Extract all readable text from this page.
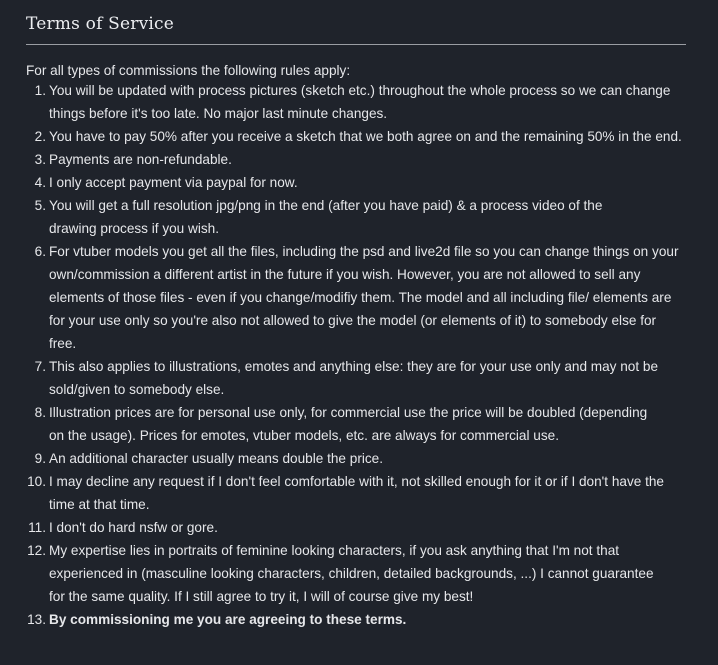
Terms of Service

For all types of commissions the following rules apply:

1. You will be updated with process pictures (sketch etc.) throughout the whole process so we can change things before it's too late. No major last minute changes.
2. You have to pay 50% after you receive a sketch that we both agree on and the remaining 50% in the end.
3. Payments are non-refundable.
4. I only accept payment via paypal for now.
5. You will get a full resolution jpg/png in the end (after you have paid) & a process video of the drawing process if you wish.
6. For vtuber models you get all the files, including the psd and live2d file so you can change things on your own/commission a different artist in the future if you wish. However, you are not allowed to sell any elements of those files - even if you change/modifiy them. The model and all including file/ elements are for your use only so you're also not allowed to give the model (or elements of it) to somebody else for free.
7. This also applies to illustrations, emotes and anything else: they are for your use only and may not be sold/given to somebody else.
8. Illustration prices are for personal use only, for commercial use the price will be doubled (depending on the usage). Prices for emotes, vtuber models, etc. are always for commercial use.
9. An additional character usually means double the price.
10. I may decline any request if I don't feel comfortable with it, not skilled enough for it or if I don't have the time at that time.
11. I don't do hard nsfw or gore.
12. My expertise lies in portraits of feminine looking characters, if you ask anything that I'm not that experienced in (masculine looking characters, children, detailed backgrounds, ...) I cannot guarantee for the same quality. If I still agree to try it, I will of course give my best!
13. By commissioning me you are agreeing to these terms.
